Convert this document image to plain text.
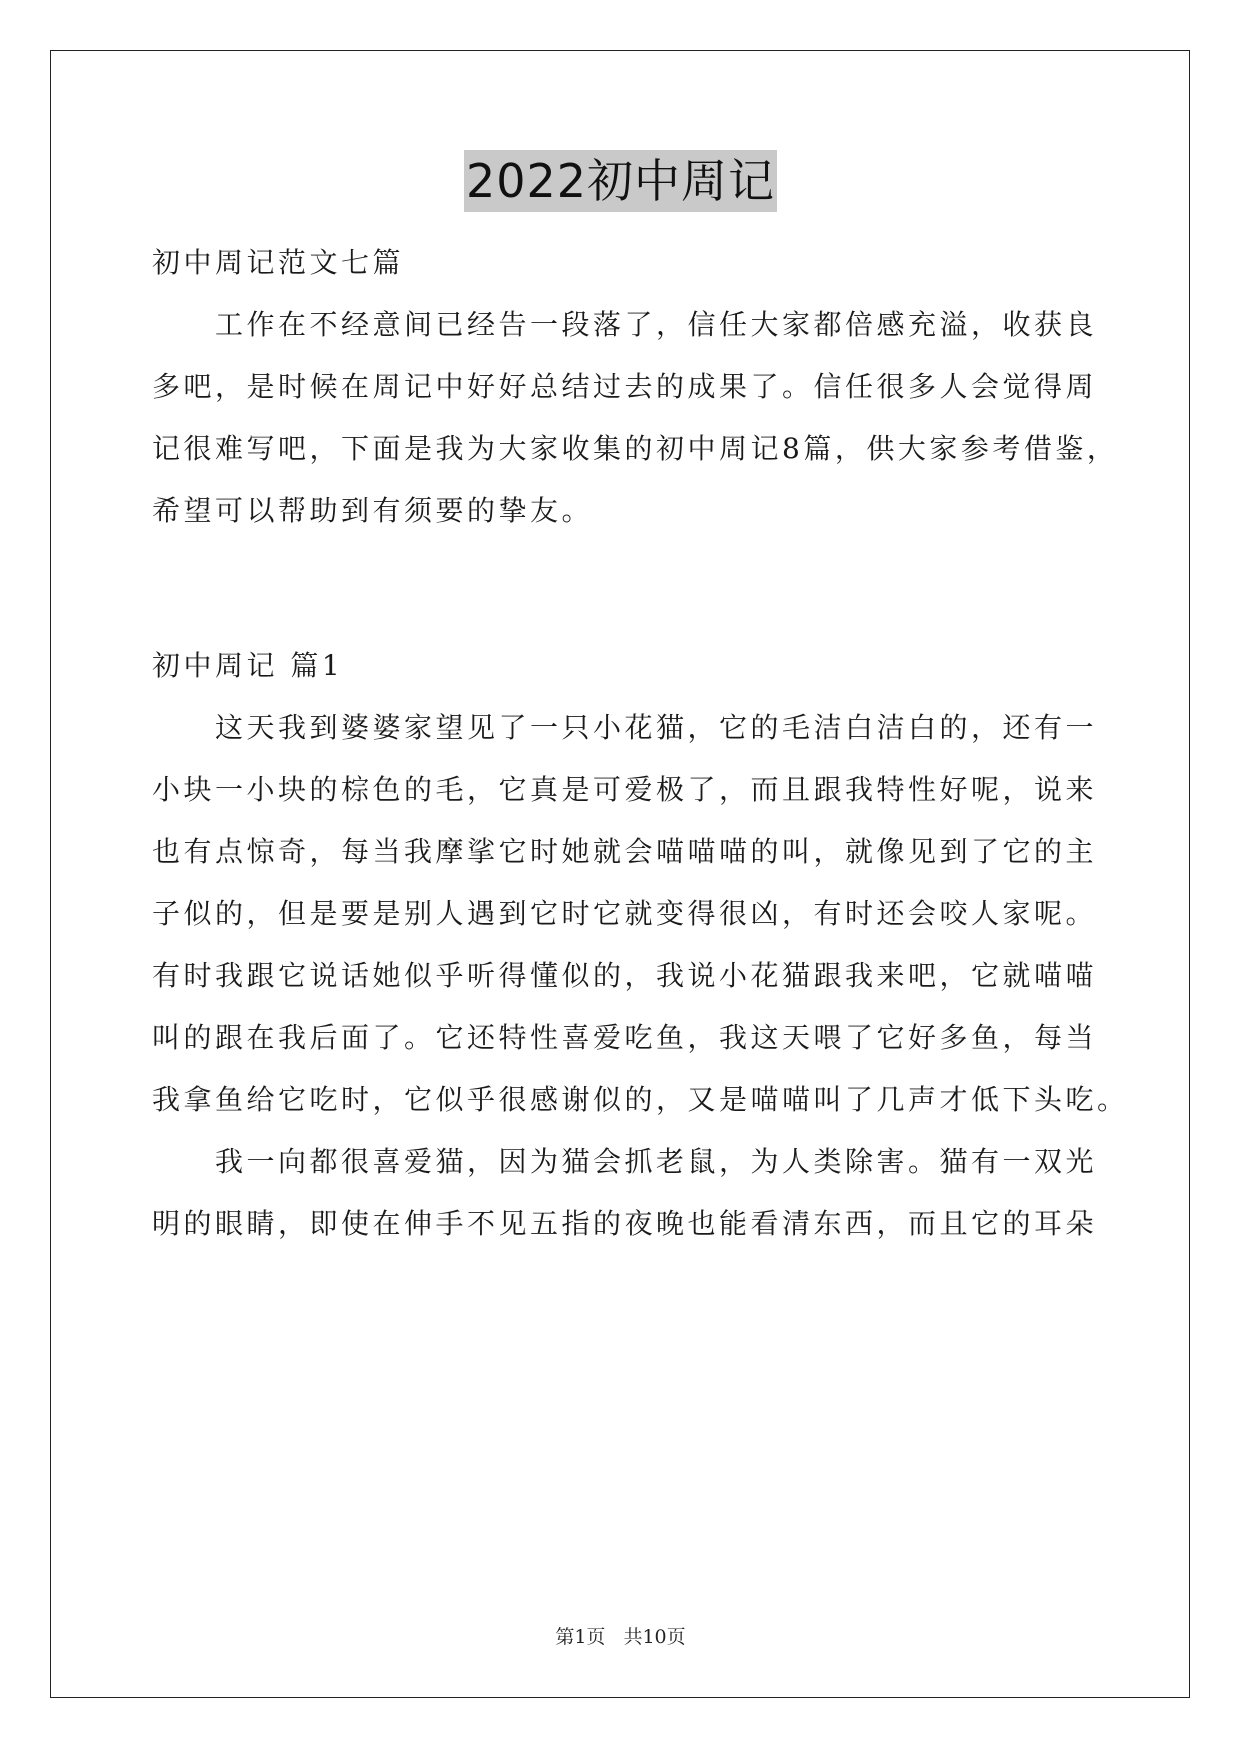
2022初中周记

初中周记范文七篇

工作在不经意间已经告一段落了，信任大家都倍感充溢，收获良

多吧，是时候在周记中好好总结过去的成果了。信任很多人会觉得周

记很难写吧，下面是我为大家收集的初中周记8篇，供大家参考借鉴，

希望可以帮助到有须要的挚友。

初中周记 篇1

这天我到婆婆家望见了一只小花猫，它的毛洁白洁白的，还有一

小块一小块的棕色的毛，它真是可爱极了，而且跟我特性好呢，说来

也有点惊奇，每当我摩挲它时她就会喵喵喵的叫，就像见到了它的主

子似的，但是要是别人遇到它时它就变得很凶，有时还会咬人家呢。

有时我跟它说话她似乎听得懂似的，我说小花猫跟我来吧，它就喵喵

叫的跟在我后面了。它还特性喜爱吃鱼，我这天喂了它好多鱼，每当

我拿鱼给它吃时，它似乎很感谢似的，又是喵喵叫了几声才低下头吃。

我一向都很喜爱猫，因为猫会抓老鼠，为人类除害。猫有一双光

明的眼睛，即使在伸手不见五指的夜晚也能看清东西，而且它的耳朵

第1页 共10页
